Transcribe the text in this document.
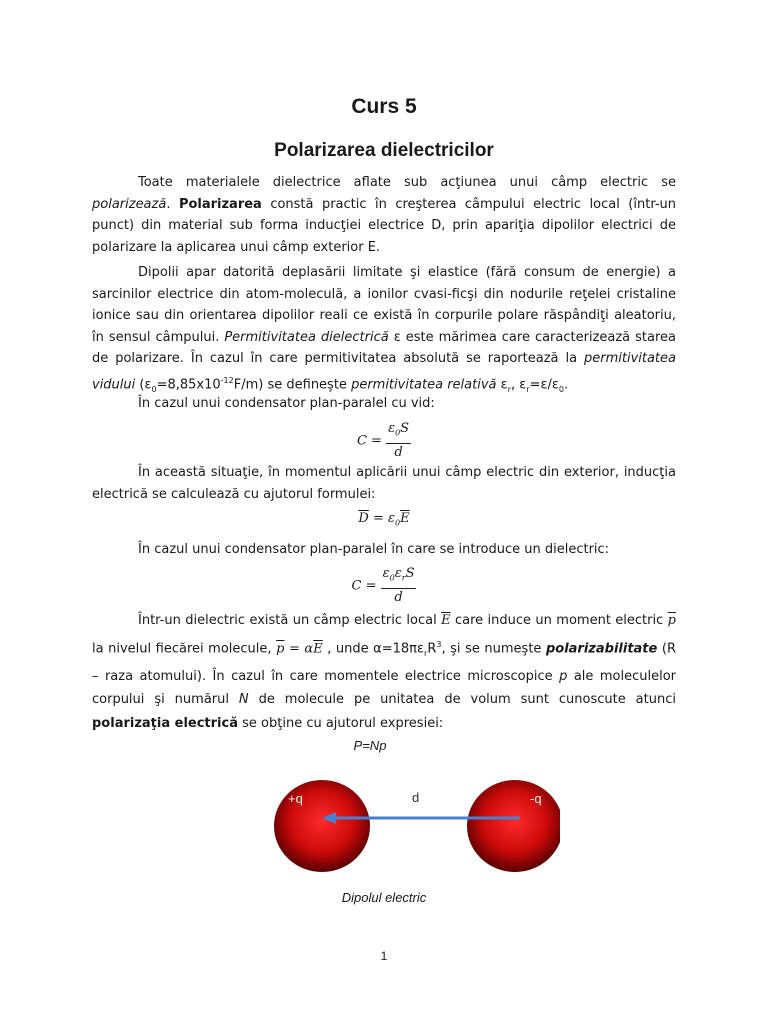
Curs 5
Polarizarea dielectricilor
Toate materialele dielectrice aflate sub acţiunea unui câmp electric se polarizează. Polarizarea constă practic în creşterea câmpului electric local (într-un punct) din material sub forma inducţiei electrice D, prin apariţia dipolilor electrici de polarizare la aplicarea unui câmp exterior E.
Dipolii apar datorită deplasării limitate şi elastice (fără consum de energie) a sarcinilor electrice din atom-moleculă, a ionilor cvasi-ficşi din nodurile reţelei cristaline ionice sau din orientarea dipolilor reali ce există în corpurile polare răspândiţi aleatoriu, în sensul câmpului. Permitivitatea dielectrică ε este mărimea care caracterizează starea de polarizare. În cazul în care permitivitatea absolută se raportează la permitivitatea vidului $(\varepsilon_0=8,85x10^{-12}F/m)$ se defineşte permitivitatea relativă $\varepsilon_r$, $\varepsilon_r=\varepsilon/\varepsilon_0$.
În cazul unui condensator plan-paralel cu vid:
$C = \frac{\varepsilon_0S}{d}$
În această situaţie, în momentul aplicării unui câmp electric din exterior, inducţia electrică se calculează cu ajutorul formulei:
$\overline{D} = \varepsilon_0\overline{E}$
În cazul unui condensator plan-paralel în care se introduce un dielectric:
$C = \frac{\varepsilon_0\varepsilon_rS}{d}$
Într-un dielectric există un câmp electric local $\overline{E}$ care induce un moment electric $\overline{p}$ la nivelul fiecărei molecule, $\overline{p} = \alpha\overline{E}$ , unde $\alpha=18\pi\varepsilon_rR^3$, şi se numeşte polarizabilitate (R – raza atomului). În cazul în care momentele electrice microscopice p ale moleculelor corpului şi numărul N de molecule pe unitatea de volum sunt cunoscute atunci polarizaţia electrică se obţine cu ajutorul expresiei:
P=Np
+q	d	-q
Dipolul electric
1
